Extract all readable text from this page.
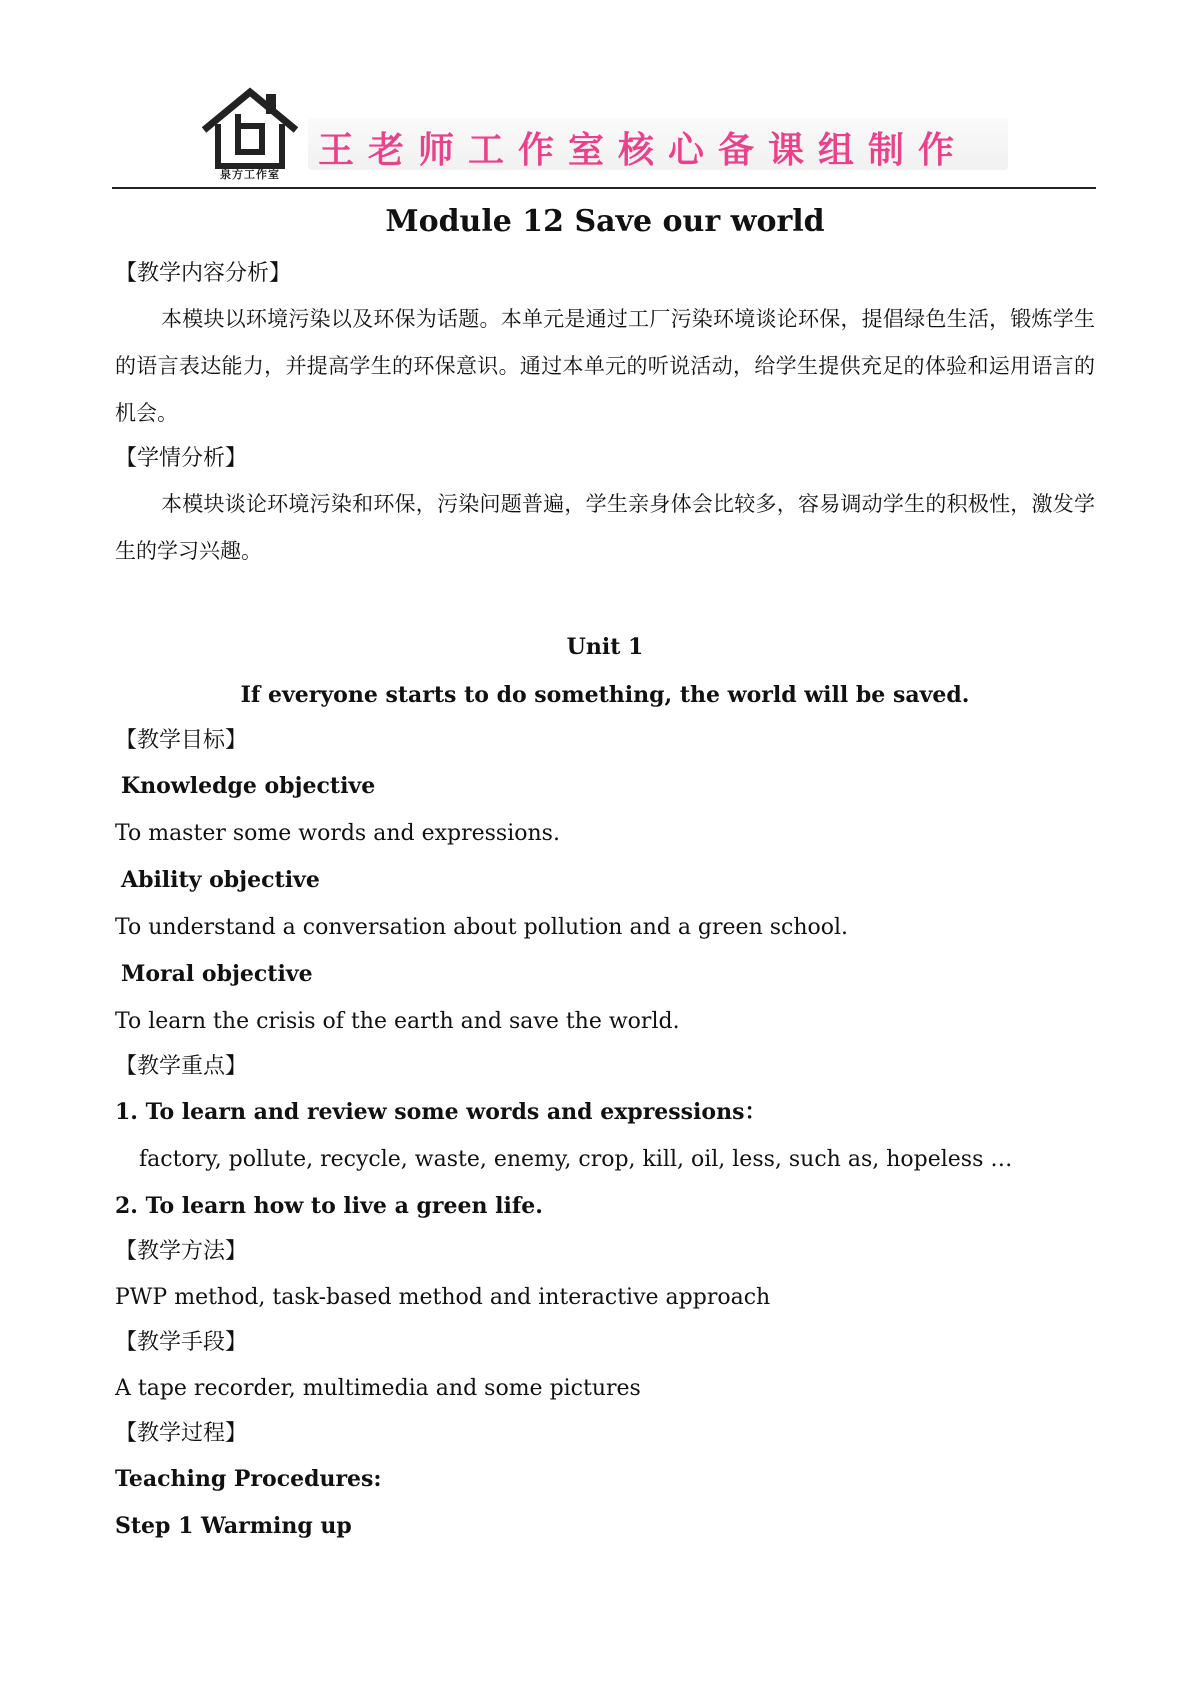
泉方工作室
王老师工作室核心备课组制作
Module 12 Save our world

【教学内容分析】

本模块以环境污染以及环保为话题。本单元是通过工厂污染环境谈论环保，提倡绿色生活，锻炼学生的语言表达能力，并提高学生的环保意识。通过本单元的听说活动，给学生提供充足的体验和运用语言的机会。

【学情分析】

本模块谈论环境污染和环保，污染问题普遍，学生亲身体会比较多，容易调动学生的积极性，激发学生的学习兴趣。

Unit 1

If everyone starts to do something, the world will be saved.

【教学目标】

Knowledge objective

To master some words and expressions.

Ability objective

To understand a conversation about pollution and a green school.

Moral objective

To learn the crisis of the earth and save the world.

【教学重点】

1. To learn and review some words and expressions：

factory, pollute, recycle, waste, enemy, crop, kill, oil, less, such as, hopeless …

2. To learn how to live a green life.

【教学方法】

PWP method, task-based method and interactive approach

【教学手段】

A tape recorder, multimedia and some pictures

【教学过程】

Teaching Procedures:

Step 1 Warming up
